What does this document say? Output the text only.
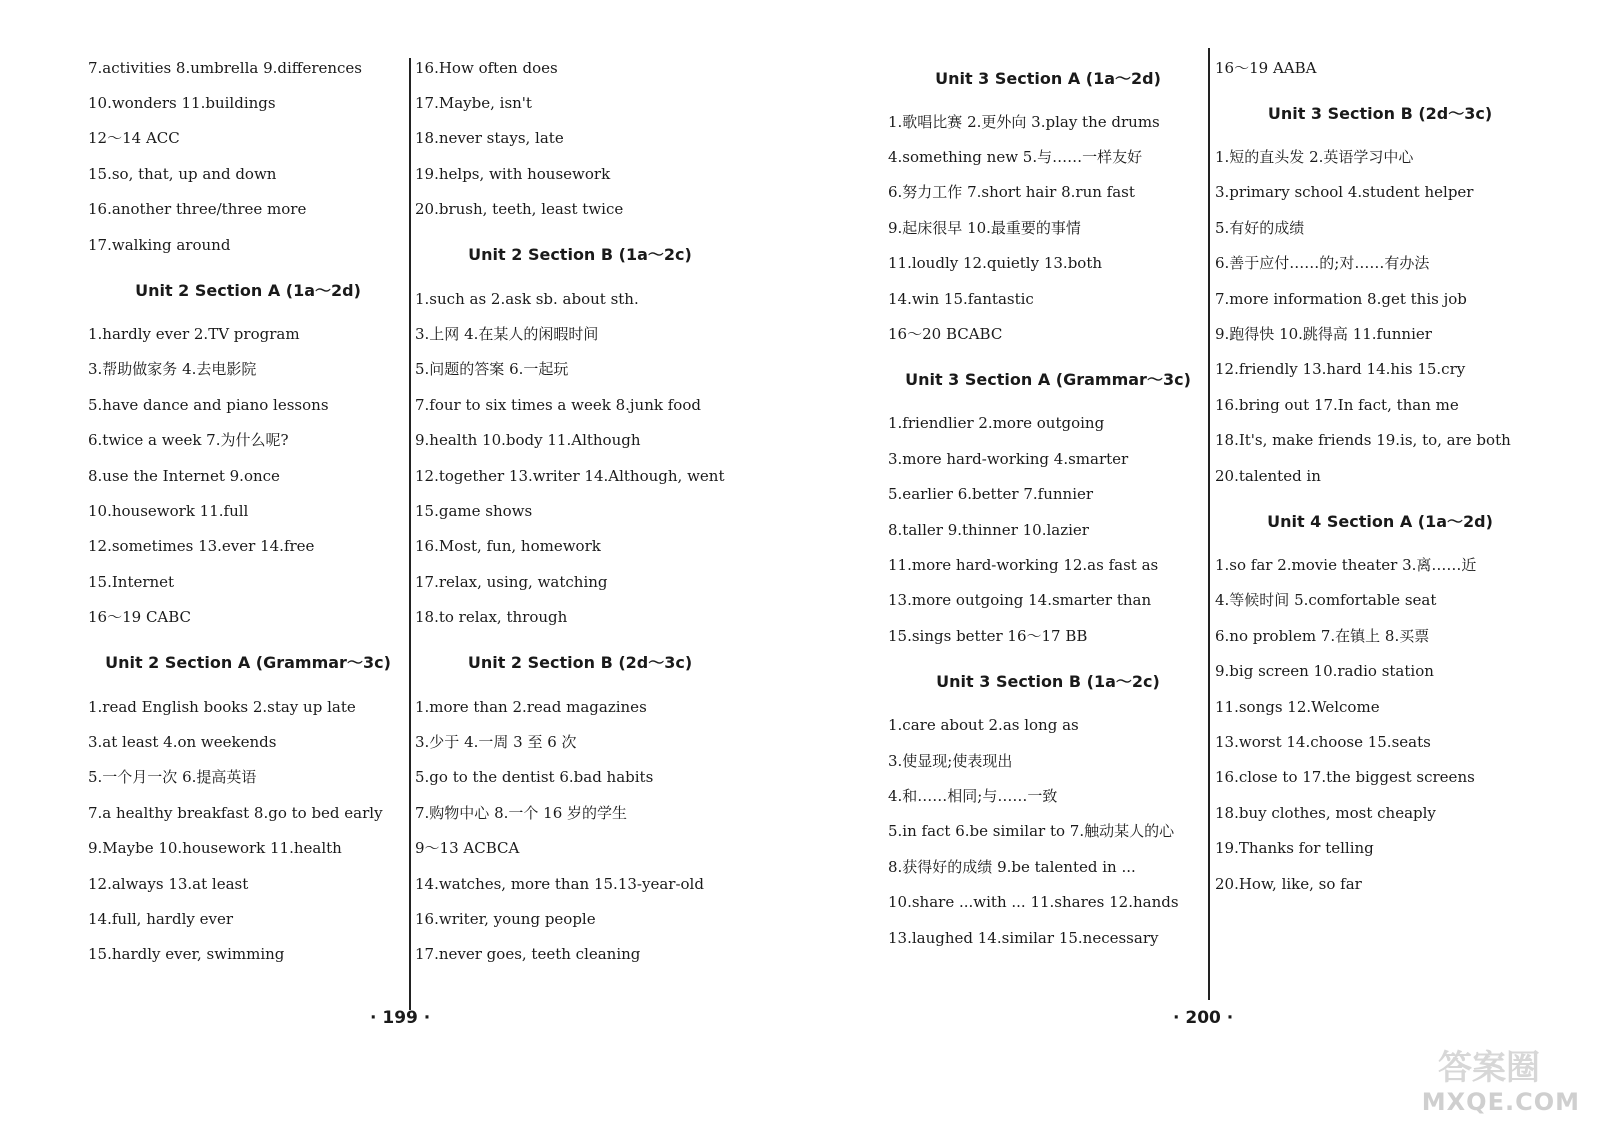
7.activities 8.umbrella 9.differences
10.wonders 11.buildings
12～14 ACC
15.so, that, up and down
16.another three/three more
17.walking around
Unit 2 Section A (1a～2d)
1.hardly ever 2.TV program
3.帮助做家务 4.去电影院
5.have dance and piano lessons
6.twice a week 7.为什么呢?
8.use the Internet 9.once
10.housework 11.full
12.sometimes 13.ever 14.free
15.Internet
16～19 CABC
Unit 2 Section A (Grammar～3c)
1.read English books 2.stay up late
3.at least 4.on weekends
5.一个月一次 6.提高英语
7.a healthy breakfast 8.go to bed early
9.Maybe 10.housework 11.health
12.always 13.at least
14.full, hardly ever
15.hardly ever, swimming
16.How often does
17.Maybe, isn't
18.never stays, late
19.helps, with housework
20.brush, teeth, least twice
Unit 2 Section B (1a～2c)
1.such as 2.ask sb. about sth.
3.上网 4.在某人的闲暇时间
5.问题的答案 6.一起玩
7.four to six times a week 8.junk food
9.health 10.body 11.Although
12.together 13.writer 14.Although, went
15.game shows
16.Most, fun, homework
17.relax, using, watching
18.to relax, through
Unit 2 Section B (2d～3c)
1.more than 2.read magazines
3.少于 4.一周 3 至 6 次
5.go to the dentist 6.bad habits
7.购物中心 8.一个 16 岁的学生
9～13 ACBCA
14.watches, more than 15.13-year-old
16.writer, young people
17.never goes, teeth cleaning
Unit 3 Section A (1a～2d)
1.歌唱比赛 2.更外向 3.play the drums
4.something new 5.与……一样友好
6.努力工作 7.short hair 8.run fast
9.起床很早 10.最重要的事情
11.loudly 12.quietly 13.both
14.win 15.fantastic
16～20 BCABC
Unit 3 Section A (Grammar～3c)
1.friendlier 2.more outgoing
3.more hard-working 4.smarter
5.earlier 6.better 7.funnier
8.taller 9.thinner 10.lazier
11.more hard-working 12.as fast as
13.more outgoing 14.smarter than
15.sings better 16～17 BB
Unit 3 Section B (1a～2c)
1.care about 2.as long as
3.使显现;使表现出
4.和……相同;与……一致
5.in fact 6.be similar to 7.触动某人的心
8.获得好的成绩 9.be talented in ...
10.share ...with ... 11.shares 12.hands
13.laughed 14.similar 15.necessary
16～19 AABA
Unit 3 Section B (2d～3c)
1.短的直头发 2.英语学习中心
3.primary school 4.student helper
5.有好的成绩
6.善于应付……的;对……有办法
7.more information 8.get this job
9.跑得快 10.跳得高 11.funnier
12.friendly 13.hard 14.his 15.cry
16.bring out 17.In fact, than me
18.It's, make friends 19.is, to, are both
20.talented in
Unit 4 Section A (1a～2d)
1.so far 2.movie theater 3.离……近
4.等候时间 5.comfortable seat
6.no problem 7.在镇上 8.买票
9.big screen 10.radio station
11.songs 12.Welcome
13.worst 14.choose 15.seats
16.close to 17.the biggest screens
18.buy clothes, most cheaply
19.Thanks for telling
20.How, like, so far
· 199 ·	· 200 ·
答案圈
MXQE.COM
